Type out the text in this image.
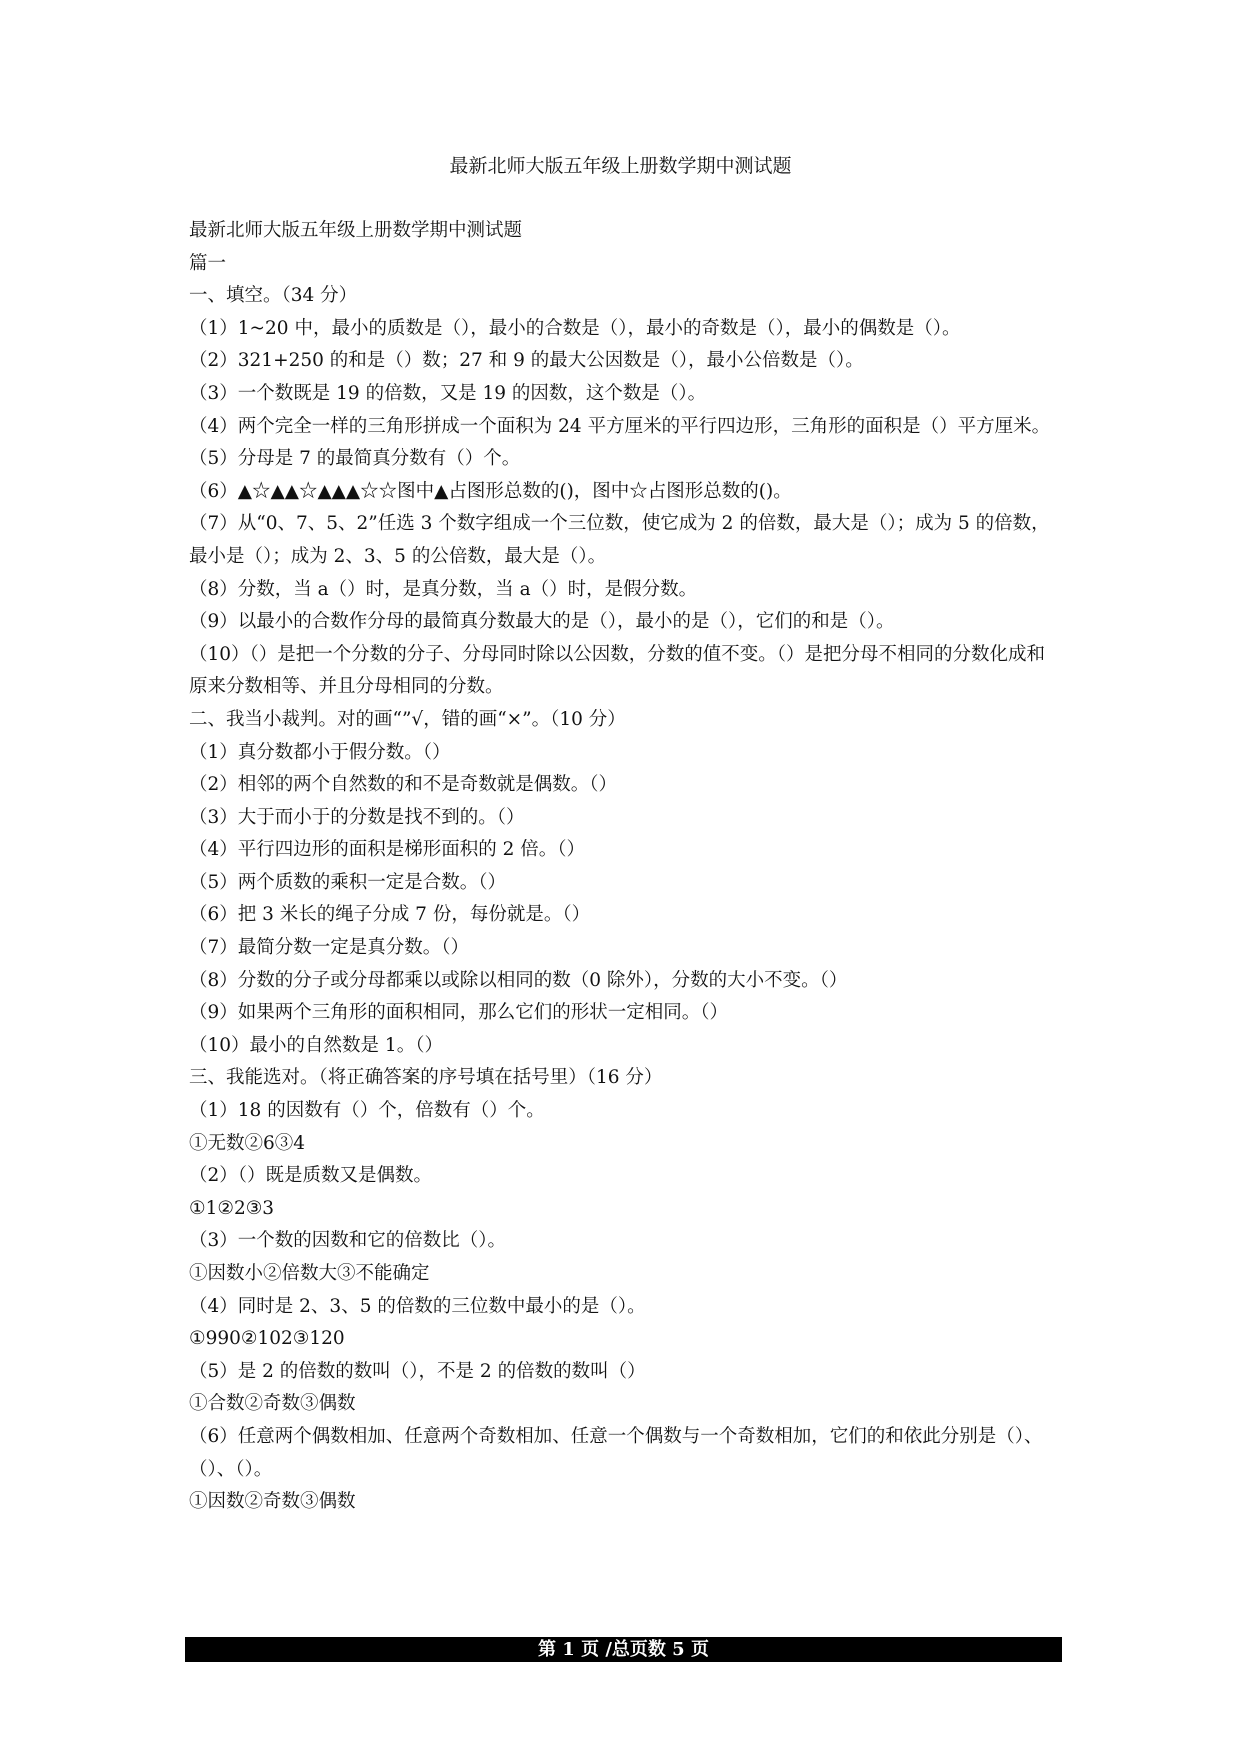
最新北师大版五年级上册数学期中测试题
最新北师大版五年级上册数学期中测试题
篇一
一、填空。（34 分）
（1）1~20 中，最小的质数是（），最小的合数是（），最小的奇数是（），最小的偶数是（）。
（2）321+250 的和是（）数；27 和 9 的最大公因数是（），最小公倍数是（）。
（3）一个数既是 19 的倍数，又是 19 的因数，这个数是（）。
（4）两个完全一样的三角形拼成一个面积为 24 平方厘米的平行四边形，三角形的面积是（）平方厘米。
（5）分母是 7 的最简真分数有（）个。
（6）▲☆▲▲☆▲▲▲☆☆图中▲占图形总数的()，图中☆占图形总数的()。
（7）从“0、7、5、2”任选 3 个数字组成一个三位数，使它成为 2 的倍数，最大是（）；成为 5 的倍数，最小是（）；成为 2、3、5 的公倍数，最大是（）。
（8）分数，当 a（）时，是真分数，当 a（）时，是假分数。
（9）以最小的合数作分母的最简真分数最大的是（），最小的是（），它们的和是（）。
（10）（）是把一个分数的分子、分母同时除以公因数，分数的值不变。（）是把分母不相同的分数化成和原来分数相等、并且分母相同的分数。
二、我当小裁判。对的画“”√，错的画“×”。（10 分）
（1）真分数都小于假分数。（）
（2）相邻的两个自然数的和不是奇数就是偶数。（）
（3）大于而小于的分数是找不到的。（）
（4）平行四边形的面积是梯形面积的 2 倍。（）
（5）两个质数的乘积一定是合数。（）
（6）把 3 米长的绳子分成 7 份，每份就是。（）
（7）最简分数一定是真分数。（）
（8）分数的分子或分母都乘以或除以相同的数（0 除外），分数的大小不变。（）
（9）如果两个三角形的面积相同，那么它们的形状一定相同。（）
（10）最小的自然数是 1。（）
三、我能选对。（将正确答案的序号填在括号里）（16 分）
（1）18 的因数有（）个，倍数有（）个。
①无数②6③4
（2）（）既是质数又是偶数。
①1②2③3
（3）一个数的因数和它的倍数比（）。
①因数小②倍数大③不能确定
（4）同时是 2、3、5 的倍数的三位数中最小的是（）。
①990②102③120
（5）是 2 的倍数的数叫（），不是 2 的倍数的数叫（）
①合数②奇数③偶数
（6）任意两个偶数相加、任意两个奇数相加、任意一个偶数与一个奇数相加，它们的和依此分别是（）、（）、（）。
①因数②奇数③偶数
第 1 页 /总页数 5 页
